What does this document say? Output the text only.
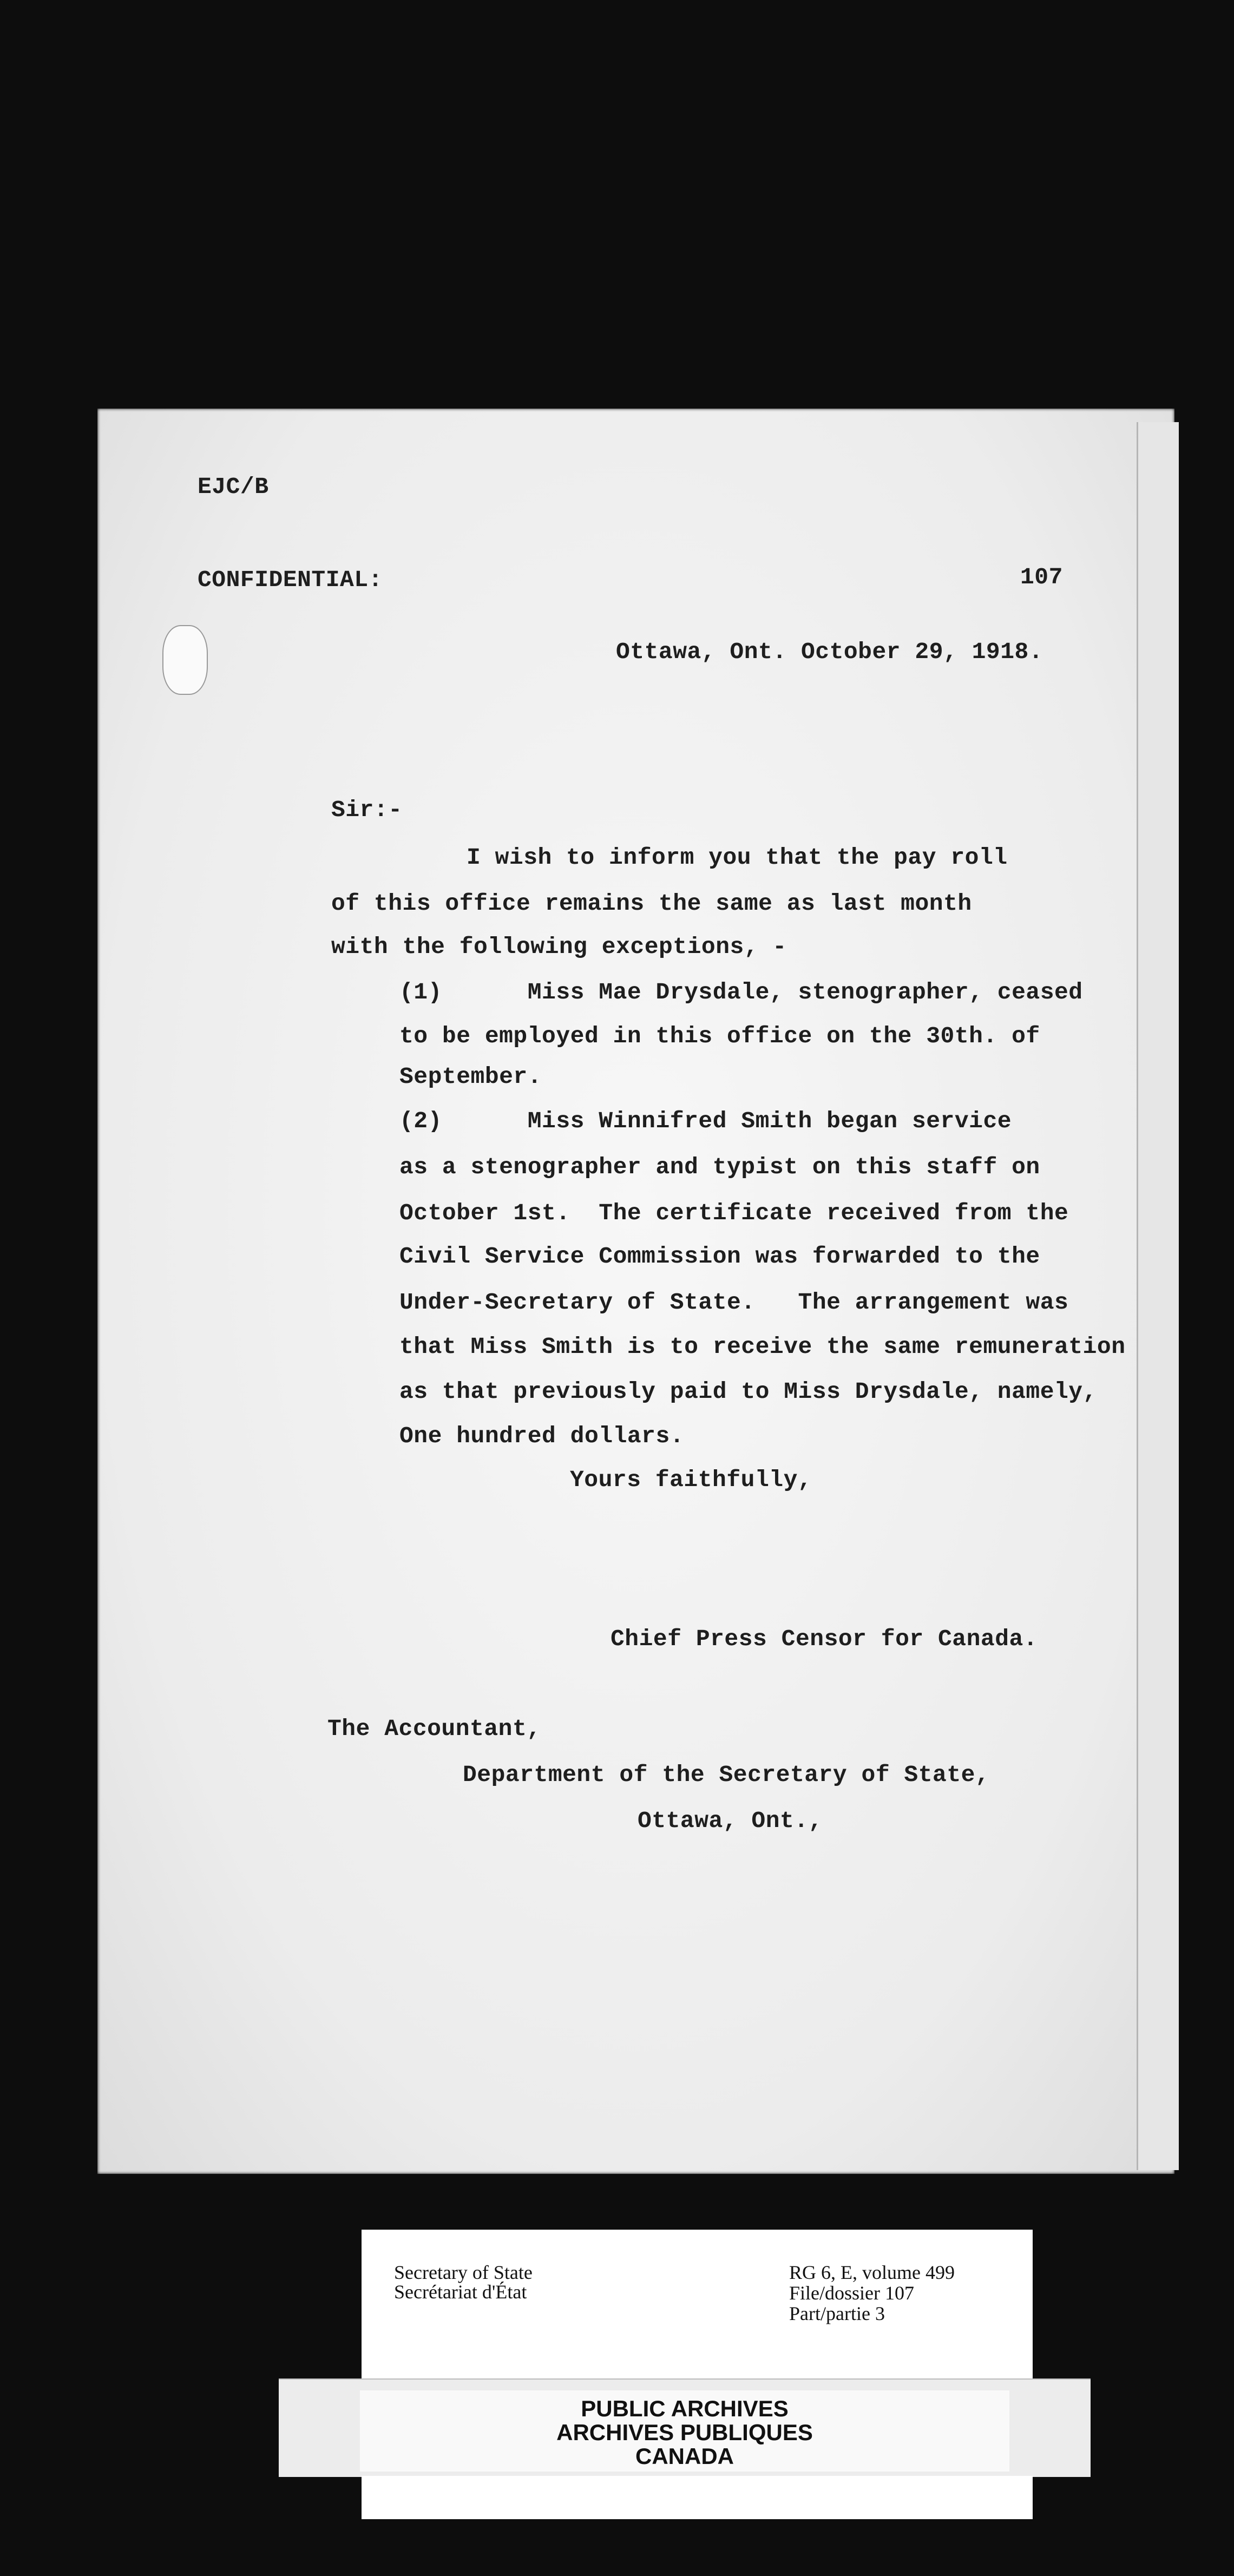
EJC/B
CONFIDENTIAL:	107
Ottawa, Ont. October 29, 1918.
Sir:-
I wish to inform you that the pay roll
of this office remains the same as last month
with the following exceptions, -
(1)      Miss Mae Drysdale, stenographer, ceased
to be employed in this office on the 30th. of
September.
(2)      Miss Winnifred Smith began service
as a stenographer and typist on this staff on
October 1st.  The certificate received from the
Civil Service Commission was forwarded to the
Under-Secretary of State.   The arrangement was
that Miss Smith is to receive the same remuneration
as that previously paid to Miss Drysdale, namely,
One hundred dollars.
Yours faithfully,
Chief Press Censor for Canada.
The Accountant,
Department of the Secretary of State,
Ottawa, Ont.,
Secretary of State
Secrétariat d'État
RG 6, E, volume 499
File/dossier 107
Part/partie 3
PUBLIC ARCHIVES
ARCHIVES PUBLIQUES
CANADA
